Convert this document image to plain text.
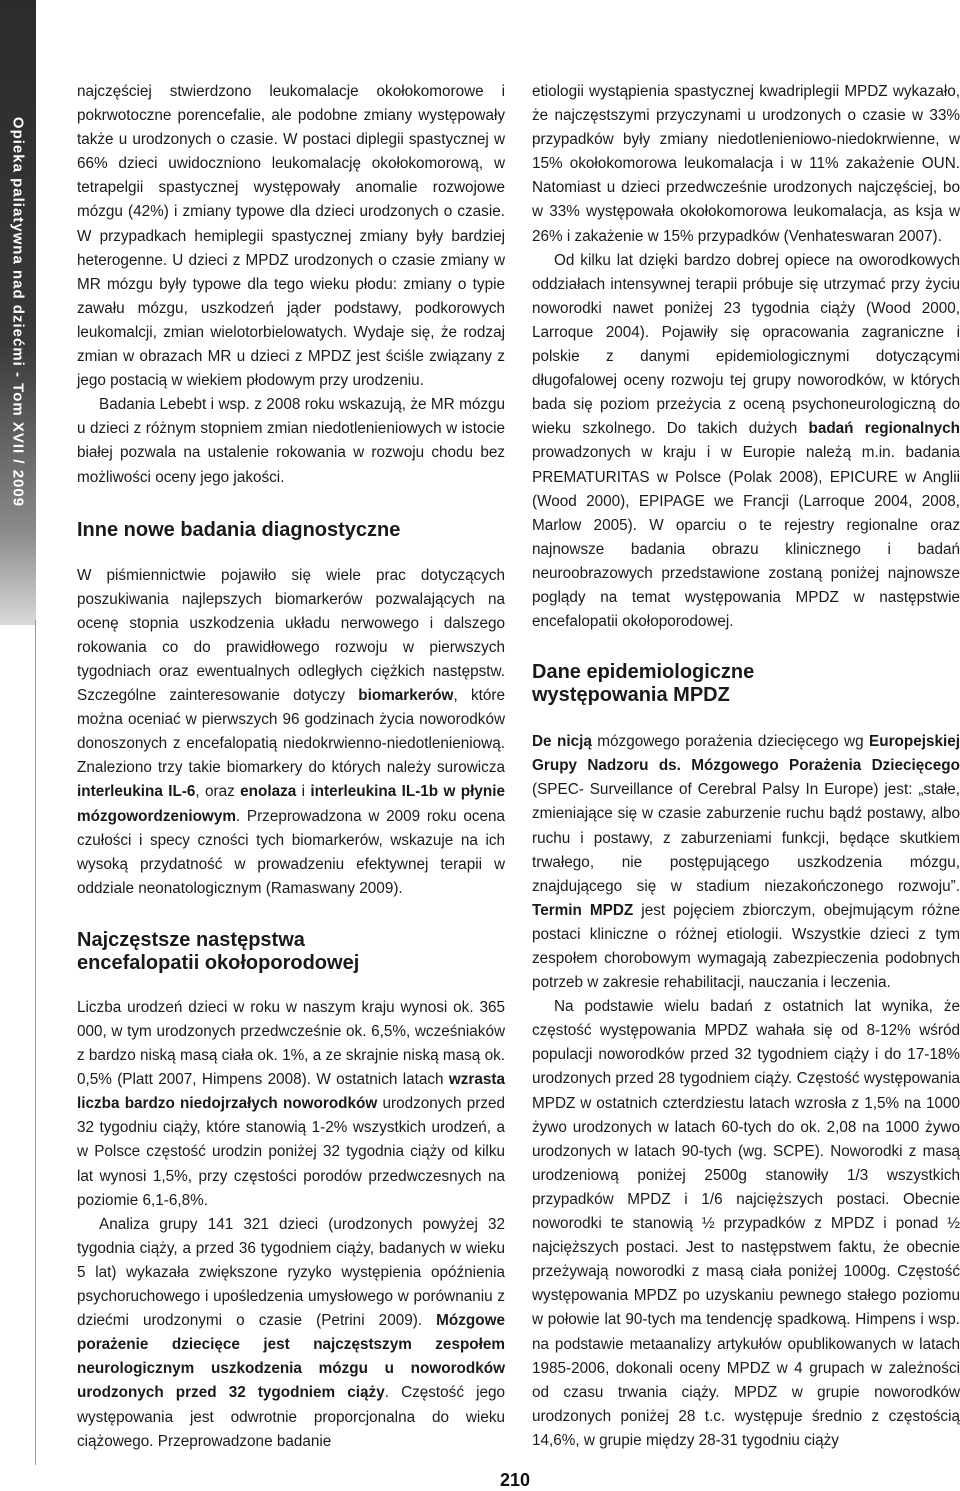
Opieka paliatywna nad dziećmi - Tom XVII / 2009

najczęściej stwierdzono leukomalacje okołokomorowe i pokrwotoczne porencefalie, ale podobne zmiany występowały także u urodzonych o czasie. W postaci diplegii spastycznej w 66% dzieci uwidoczniono leukomalację okołokomorową, w tetrapelgii spastycznej występowały anomalie rozwojowe mózgu (42%) i zmiany typowe dla dzieci urodzonych o czasie. W przypadkach hemiplegii spastycznej zmiany były bardziej heterogenne. U dzieci z MPDZ urodzonych o czasie zmiany w MR mózgu były typowe dla tego wieku płodu: zmiany o typie zawału mózgu, uszkodzeń jąder podstawy, podkorowych leukomalcji, zmian wielotorbielowatych. Wydaje się, że rodzaj zmian w obrazach MR u dzieci z MPDZ jest ściśle związany z jego postacią w wiekiem płodowym przy urodzeniu.

Badania Lebebt i wsp. z 2008 roku wskazują, że MR mózgu u dzieci z różnym stopniem zmian niedotlenieniowych w istocie białej pozwala na ustalenie rokowania w rozwoju chodu bez możliwości oceny jego jakości.

Inne nowe badania diagnostyczne

W piśmiennictwie pojawiło się wiele prac dotyczących poszukiwania najlepszych biomarkerów pozwalających na ocenę stopnia uszkodzenia układu nerwowego i dalszego rokowania co do prawidłowego rozwoju w pierwszych tygodniach oraz ewentualnych odległych ciężkich następstw. Szczególne zainteresowanie dotyczy biomarkerów, które można oceniać w pierwszych 96 godzinach życia noworodków donoszonych z encefalopatią niedokrwienno-niedotlenieniową. Znaleziono trzy takie biomarkery do których należy surowicza interleukina IL-6, oraz enolaza i interleukina IL-1b w płynie mózgowordzeniowym. Przeprowadzona w 2009 roku ocena czułości i specy czności tych biomarkerów, wskazuje na ich wysoką przydatność w prowadzeniu efektywnej terapii w oddziale neonatologicznym (Ramaswany 2009).

Najczęstsze następstwa
encefalopatii okołoporodowej

Liczba urodzeń dzieci w roku w naszym kraju wynosi ok. 365 000, w tym urodzonych przedwcześnie ok. 6,5%, wcześniaków z bardzo niską masą ciała ok. 1%, a ze skrajnie niską masą ok. 0,5% (Platt 2007, Himpens 2008). W ostatnich latach wzrasta liczba bardzo niedojrzałych noworodków urodzonych przed 32 tygodniu ciąży, które stanowią 1-2% wszystkich urodzeń, a w Polsce częstość urodzin poniżej 32 tygodnia ciąży od kilku lat wynosi 1,5%, przy częstości porodów przedwczesnych na poziomie 6,1-6,8%.

Analiza grupy 141 321 dzieci (urodzonych powyżej 32 tygodnia ciąży, a przed 36 tygodniem ciąży, badanych w wieku 5 lat) wykazała zwiększone ryzyko występienia opóźnienia psychoruchowego i upośledzenia umysłowego w porównaniu z dziećmi urodzonymi o czasie (Petrini 2009). Mózgowe porażenie dziecięce jest najczęstszym zespołem neurologicznym uszkodzenia mózgu u noworodków urodzonych przed 32 tygodniem ciąży. Częstość jego występowania jest odwrotnie proporcjonalna do wieku ciążowego. Przeprowadzone badanie

etiologii wystąpienia spastycznej kwadriplegii MPDZ wykazało, że najczęstszymi przyczynami u urodzonych o czasie w 33% przypadków były zmiany niedotlenieniowo-niedokrwienne, w 15% okołokomorowa leukomalacja i w 11% zakażenie OUN. Natomiast u dzieci przedwcześnie urodzonych najczęściej, bo w 33% występowała okołokomorowa leukomalacja, as ksja w 26% i zakażenie w 15% przypadków (Venhateswaran 2007).

Od kilku lat dzięki bardzo dobrej opiece na oworodkowych oddziałach intensywnej terapii próbuje się utrzymać przy życiu noworodki nawet poniżej 23 tygodnia ciąży (Wood 2000, Larroque 2004). Pojawiły się opracowania zagraniczne i polskie z danymi epidemiologicznymi dotyczącymi długofalowej oceny rozwoju tej grupy noworodków, w których bada się poziom przeżycia z oceną psychoneurologiczną do wieku szkolnego. Do takich dużych badań regionalnych prowadzonych w kraju i w Europie należą m.in. badania PREMATURITAS w Polsce (Polak 2008), EPICURE w Anglii (Wood 2000), EPIPAGE we Francji (Larroque 2004, 2008, Marlow 2005). W oparciu o te rejestry regionalne oraz najnowsze badania obrazu klinicznego i badań neuroobrazowych przedstawione zostaną poniżej najnowsze poglądy na temat występowania MPDZ w następstwie encefalopatii okołoporodowej.

Dane epidemiologiczne
występowania MPDZ

De nicją mózgowego porażenia dziecięcego wg Europejskiej Grupy Nadzoru ds. Mózgowego Porażenia Dziecięcego (SPEC- Surveillance of Cerebral Palsy In Europe) jest: „stałe, zmieniające się w czasie zaburzenie ruchu bądź postawy, albo ruchu i postawy, z zaburzeniami funkcji, będące skutkiem trwałego, nie postępującego uszkodzenia mózgu, znajdującego się w stadium niezakończonego rozwoju”. Termin MPDZ jest pojęciem zbiorczym, obejmującym różne postaci kliniczne o różnej etiologii. Wszystkie dzieci z tym zespołem chorobowym wymagają zabezpieczenia podobnych potrzeb w zakresie rehabilitacji, nauczania i leczenia.

Na podstawie wielu badań z ostatnich lat wynika, że częstość występowania MPDZ wahała się od 8-12% wśród populacji noworodków przed 32 tygodniem ciąży i do 17-18% urodzonych przed 28 tygodniem ciąży. Częstość występowania MPDZ w ostatnich czterdziestu latach wzrosła z 1,5% na 1000 żywo urodzonych w latach 60-tych do ok. 2,08 na 1000 żywo urodzonych w latach 90-tych (wg. SCPE). Noworodki z masą urodzeniową poniżej 2500g stanowiły 1/3 wszystkich przypadków MPDZ i 1/6 najcięższych postaci. Obecnie noworodki te stanowią ½ przypadków z MPDZ i ponad ½ najcięższych postaci. Jest to następstwem faktu, że obecnie przeżywają noworodki z masą ciała poniżej 1000g. Częstość występowania MPDZ po uzyskaniu pewnego stałego poziomu w połowie lat 90-tych ma tendencję spadkową. Himpens i wsp. na podstawie metaanalizy artykułów opublikowanych w latach 1985-2006, dokonali oceny MPDZ w 4 grupach w zależności od czasu trwania ciąży. MPDZ w grupie noworodków urodzonych poniżej 28 t.c. występuje średnio z częstością 14,6%, w grupie między 28-31 tygodniu ciąży

210
